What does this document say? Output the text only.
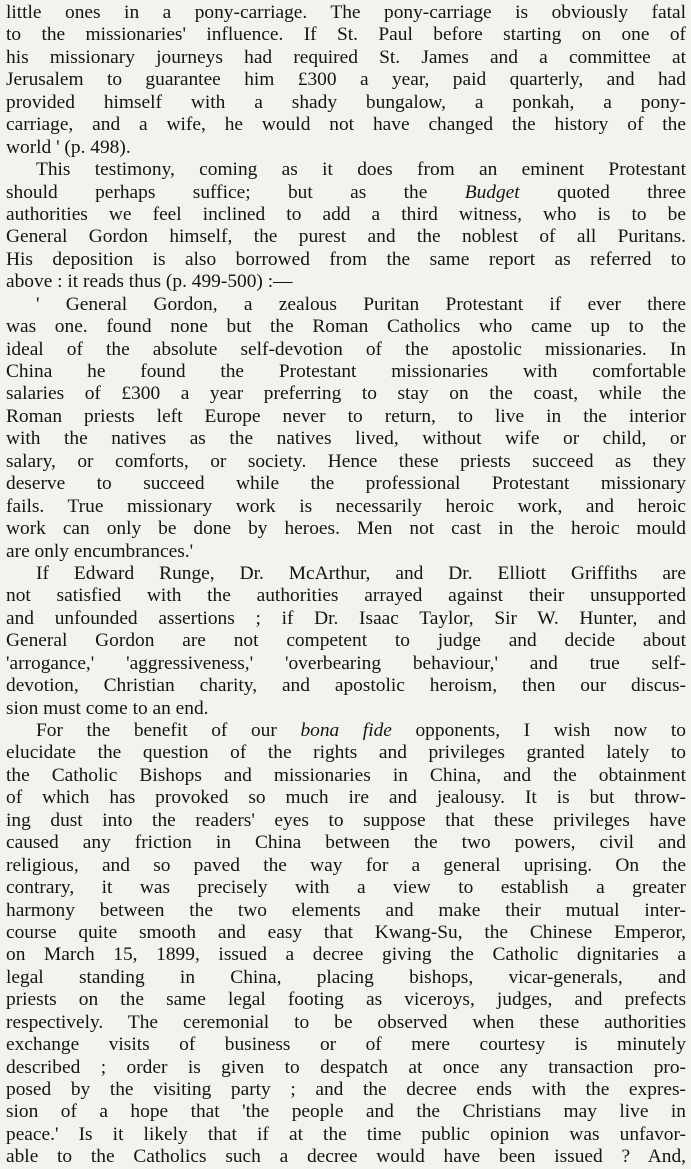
little ones in a pony-carriage. The pony-carriage is obviously fatal
to the missionaries' influence. If St. Paul before starting on one of
his missionary journeys had required St. James and a committee at
Jerusalem to guarantee him £300 a year, paid quarterly, and had
provided himself with a shady bungalow, a ponkah, a pony-
carriage, and a wife, he would not have changed the history of the
world ' (p. 498).
This testimony, coming as it does from an eminent Protestant
should perhaps suffice; but as the Budget quoted three
authorities we feel inclined to add a third witness, who is to be
General Gordon himself, the purest and the noblest of all Puritans.
His deposition is also borrowed from the same report as referred to
above : it reads thus (p. 499-500) :—
' General Gordon, a zealous Puritan Protestant if ever there
was one. found none but the Roman Catholics who came up to the
ideal of the absolute self-devotion of the apostolic missionaries. In
China he found the Protestant missionaries with comfortable
salaries of £300 a year preferring to stay on the coast, while the
Roman priests left Europe never to return, to live in the interior
with the natives as the natives lived, without wife or child, or
salary, or comforts, or society. Hence these priests succeed as they
deserve to succeed while the professional Protestant missionary
fails. True missionary work is necessarily heroic work, and heroic
work can only be done by heroes. Men not cast in the heroic mould
are only encumbrances.'
If Edward Runge, Dr. McArthur, and Dr. Elliott Griffiths are
not satisfied with the authorities arrayed against their unsupported
and unfounded assertions ; if Dr. Isaac Taylor, Sir W. Hunter, and
General Gordon are not competent to judge and decide about
'arrogance,' 'aggressiveness,' 'overbearing behaviour,' and true self-
devotion, Christian charity, and apostolic heroism, then our discus-
sion must come to an end.
For the benefit of our bona fide opponents, I wish now to
elucidate the question of the rights and privileges granted lately to
the Catholic Bishops and missionaries in China, and the obtainment
of which has provoked so much ire and jealousy. It is but throw-
ing dust into the readers' eyes to suppose that these privileges have
caused any friction in China between the two powers, civil and
religious, and so paved the way for a general uprising. On the
contrary, it was precisely with a view to establish a greater
harmony between the two elements and make their mutual inter-
course quite smooth and easy that Kwang-Su, the Chinese Emperor,
on March 15, 1899, issued a decree giving the Catholic dignitaries a
legal standing in China, placing bishops, vicar-generals, and
priests on the same legal footing as viceroys, judges, and prefects
respectively. The ceremonial to be observed when these authorities
exchange visits of business or of mere courtesy is minutely
described ; order is given to despatch at once any transaction pro-
posed by the visiting party ; and the decree ends with the expres-
sion of a hope that 'the people and the Christians may live in
peace.' Is it likely that if at the time public opinion was unfavor-
able to the Catholics such a decree would have been issued ? And,
